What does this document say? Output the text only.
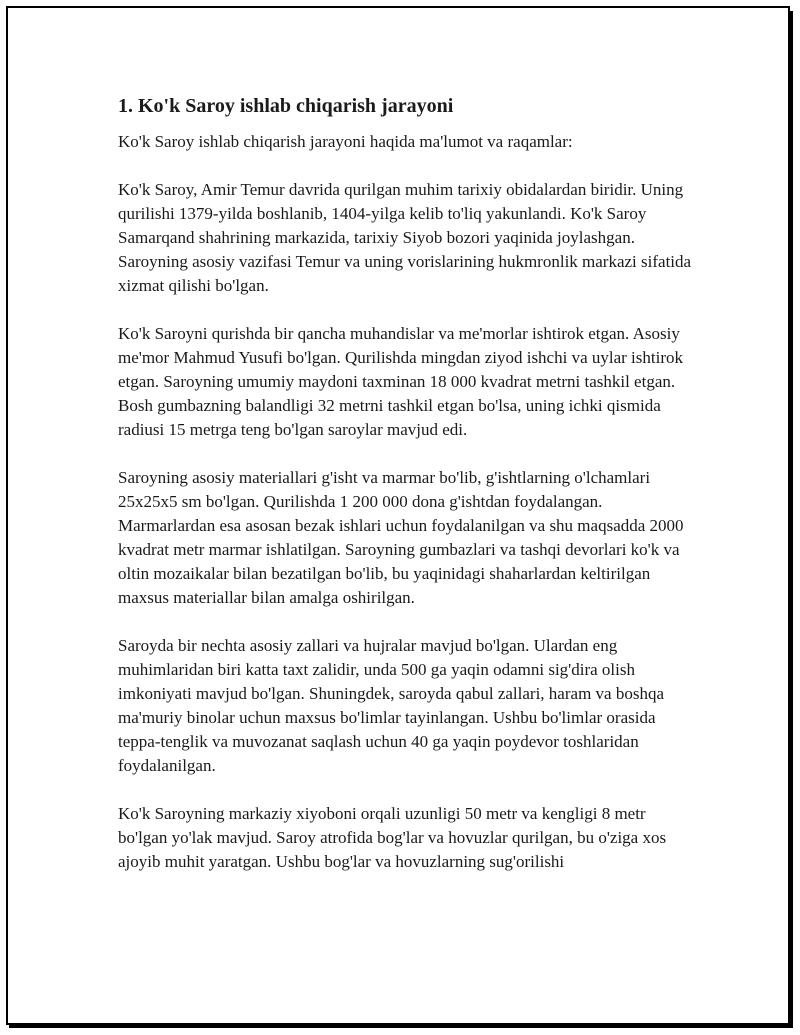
1. Ko'k Saroy ishlab chiqarish jarayoni

Ko'k Saroy ishlab chiqarish jarayoni haqida ma'lumot va raqamlar:

Ko'k Saroy, Amir Temur davrida qurilgan muhim tarixiy obidalardan biridir. Uning qurilishi 1379-yilda boshlanib, 1404-yilga kelib to'liq yakunlandi. Ko'k Saroy Samarqand shahrining markazida, tarixiy Siyob bozori yaqinida joylashgan. Saroyning asosiy vazifasi Temur va uning vorislarining hukmronlik markazi sifatida xizmat qilishi bo'lgan.

Ko'k Saroyni qurishda bir qancha muhandislar va me'morlar ishtirok etgan. Asosiy me'mor Mahmud Yusufi bo'lgan. Qurilishda mingdan ziyod ishchi va uylar ishtirok etgan. Saroyning umumiy maydoni taxminan 18 000 kvadrat metrni tashkil etgan. Bosh gumbazning balandligi 32 metrni tashkil etgan bo'lsa, uning ichki qismida radiusi 15 metrga teng bo'lgan saroylar mavjud edi.

Saroyning asosiy materiallari g'isht va marmar bo'lib, g'ishtlarning o'lchamlari 25x25x5 sm bo'lgan. Qurilishda 1 200 000 dona g'ishtdan foydalangan. Marmarlardan esa asosan bezak ishlari uchun foydalanilgan va shu maqsadda 2000 kvadrat metr marmar ishlatilgan. Saroyning gumbazlari va tashqi devorlari ko'k va oltin mozaikalar bilan bezatilgan bo'lib, bu yaqinidagi shaharlardan keltirilgan maxsus materiallar bilan amalga oshirilgan.

Saroyda bir nechta asosiy zallari va hujralar mavjud bo'lgan. Ulardan eng muhimlaridan biri katta taxt zalidir, unda 500 ga yaqin odamni sig'dira olish imkoniyati mavjud bo'lgan. Shuningdek, saroyda qabul zallari, haram va boshqa ma'muriy binolar uchun maxsus bo'limlar tayinlangan. Ushbu bo'limlar orasida teppa-tenglik va muvozanat saqlash uchun 40 ga yaqin poydevor toshlaridan foydalanilgan.

Ko'k Saroyning markaziy xiyoboni orqali uzunligi 50 metr va kengligi 8 metr bo'lgan yo'lak mavjud. Saroy atrofida bog'lar va hovuzlar qurilgan, bu o'ziga xos ajoyib muhit yaratgan. Ushbu bog'lar va hovuzlarning sug'orilishi
